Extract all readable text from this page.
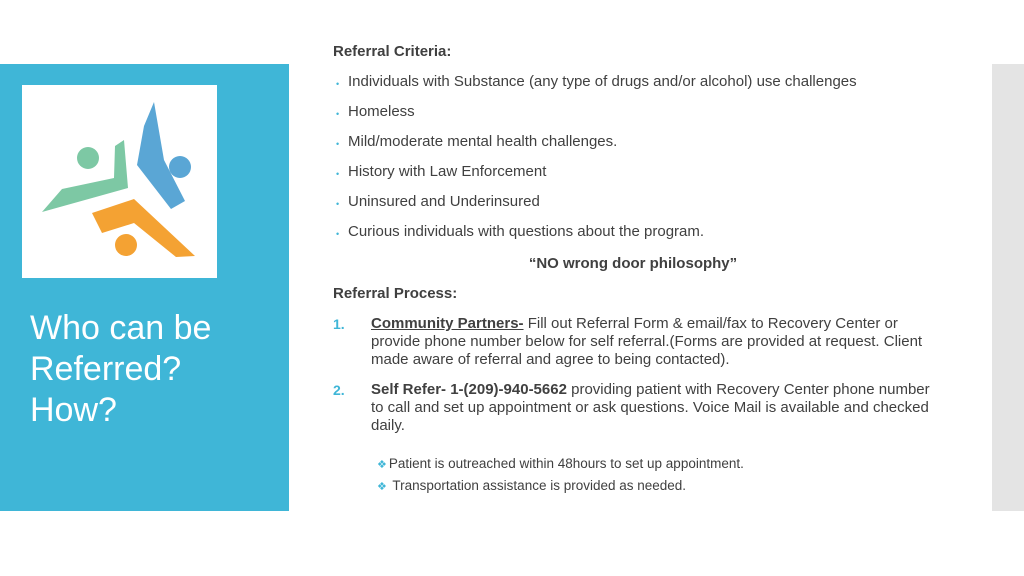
Who can be
Referred?
How?
Referral Criteria:
• Individuals with Substance (any type of drugs and/or alcohol) use challenges
• Homeless
• Mild/moderate mental health challenges.
• History with Law Enforcement
• Uninsured and Underinsured
• Curious individuals with questions about the program.
“NO wrong door philosophy”
Referral Process:
1. Community Partners- Fill out Referral Form & email/fax to Recovery Center or provide phone number below for self referral.(Forms are provided at request. Client made aware of referral and agree to being contacted).
2. Self Refer- 1-(209)-940-5662 providing patient with Recovery Center phone number to call and set up appointment or ask questions. Voice Mail is available and checked daily.
❖ Patient is outreached within 48hours to set up appointment.
❖ Transportation assistance is provided as needed.
